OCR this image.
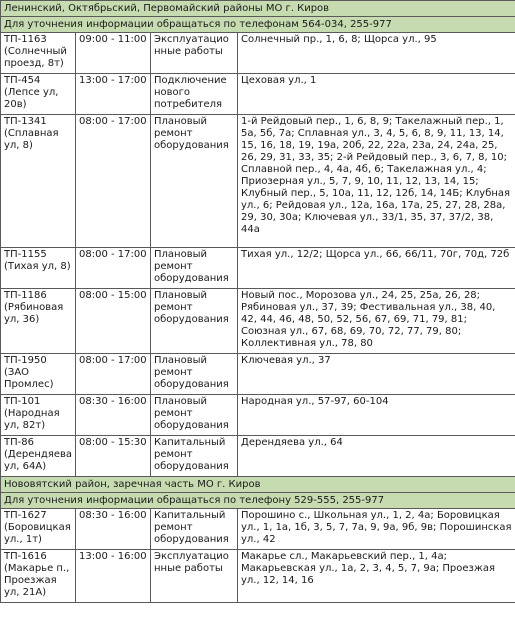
Ленинский, Октябрьский, Первомайский районы МО г. Киров			
Для уточнения информации обращаться по телефонам 564-034, 255-977			
ТП-1163 (Солнечный проезд, 8т)	09:00 - 11:00	Эксплуатационные работы	Солнечный пр., 1, 6, 8; Щорса ул., 95
ТП-454 (Лепсе ул, 20в)	13:00 - 17:00	Подключение нового потребителя	Цеховая ул., 1
ТП-1341 (Сплавная ул, 8)	08:00 - 17:00	Плановый ремонт оборудования	1-й Рейдовый пер., 1, 6, 8, 9; Такелажный пер., 1, 5а, 5б, 7а; Сплавная ул., 3, 4, 5, 6, 8, 9, 11, 13, 14, 15, 16, 18, 19, 19а, 20б, 22, 22а, 23а, 24, 24а, 25, 26, 29, 31, 33, 35; 2-й Рейдовый пер., 3, 6, 7, 8, 10; Сплавной пер., 4, 4а, 4б, 6; Такелажная ул., 4; Приозерная ул., 5, 7, 9, 10, 11, 12, 13, 14, 15; Клубный пер., 5, 10а, 11, 12, 12б, 14, 14Б; Клубная ул., 6; Рейдовая ул., 12а, 16а, 17а, 25, 27, 28, 28а, 29, 30, 30а; Ключевая ул., 33/1, 35, 37, 37/2, 38, 44а
ТП-1155 (Тихая ул, 8)	08:00 - 17:00	Плановый ремонт оборудования	Тихая ул., 12/2; Щорса ул., 66, 66/11, 70г, 70д, 72б
ТП-1186 (Рябиновая ул, 36)	08:00 - 15:00	Плановый ремонт оборудования	Новый пос., Морозова ул., 24, 25, 25а, 26, 28; Рябиновая ул., 37, 39; Фестивальная ул., 38, 40, 42, 44, 46, 48, 50, 52, 56, 67, 69, 71, 79, 81; Союзная ул., 67, 68, 69, 70, 72, 77, 79, 80; Коллективная ул., 78, 80
ТП-1950 (ЗАО Промлес)	08:00 - 17:00	Плановый ремонт оборудования	Ключевая ул., 37
ТП-101 (Народная ул, 82т)	08:30 - 16:00	Плановый ремонт оборудования	Народная ул., 57-97, 60-104
ТП-86 (Дерендяева ул, 64А)	08:00 - 15:30	Капитальный ремонт оборудования	Дерендяева ул., 64
Нововятский район, заречная часть МО г. Киров			
Для уточнения информации обращаться по телефону 529-555, 255-977			
ТП-1627 (Боровицкая ул., 1т)	08:30 - 16:00	Капитальный ремонт оборудования	Порошино с., Школьная ул., 1, 2, 4а; Боровицкая ул., 1, 1а, 1б, 3, 5, 7, 7а, 9, 9а, 9б, 9в; Порошинская ул., 42
ТП-1616 (Макарье п., Проезжая ул, 21А)	13:00 - 16:00	Эксплуатационные работы	Макарье сл., Макарьевский пер., 1, 4а; Макарьевская ул., 1а, 2, 3, 4, 5, 7, 9а; Проезжая ул., 12, 14, 16
